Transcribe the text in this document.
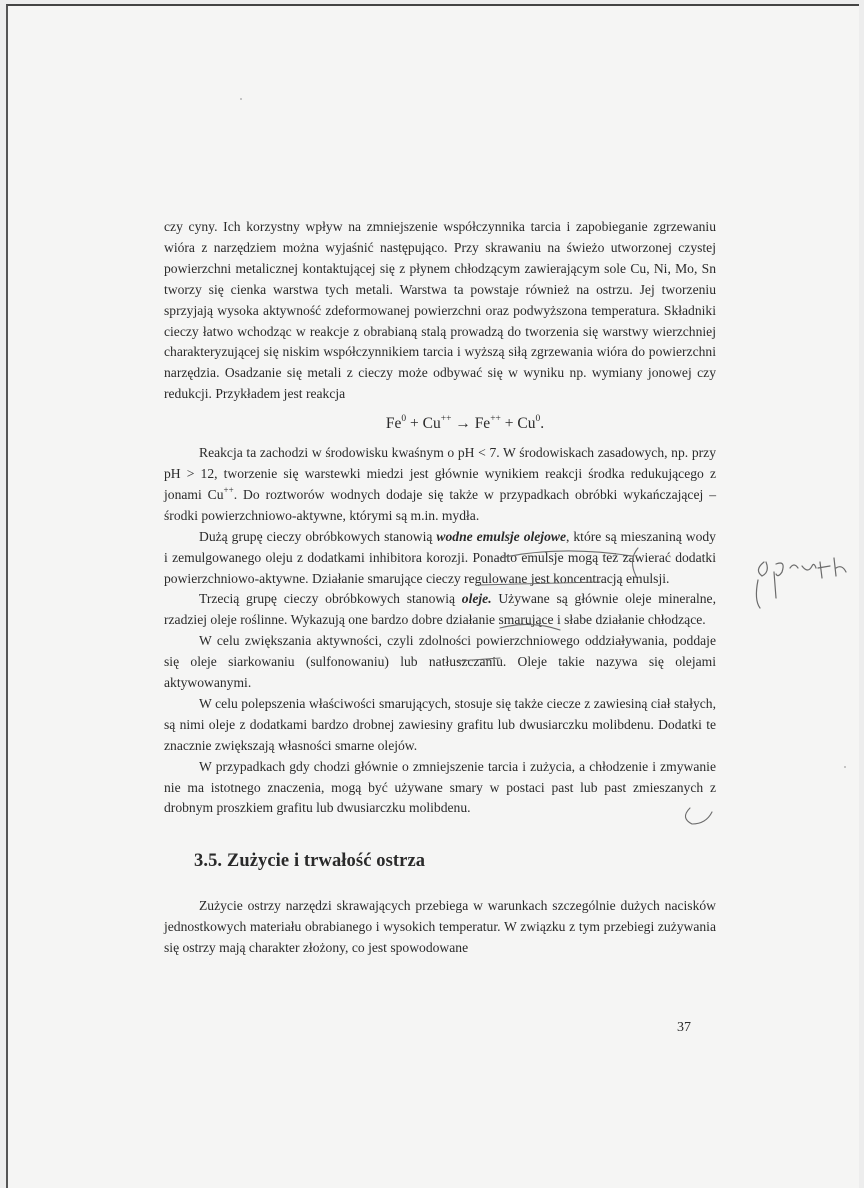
czy cyny. Ich korzystny wpływ na zmniejszenie współczynnika tarcia i zapobieganie zgrzewaniu wióra z narzędziem można wyjaśnić następująco. Przy skrawaniu na świeżo utworzonej czystej powierzchni metalicznej kontaktującej się z płynem chłodzącym zawierającym sole Cu, Ni, Mo, Sn tworzy się cienka warstwa tych metali. Warstwa ta powstaje również na ostrzu. Jej tworzeniu sprzyjają wysoka aktywność zdeformowanej powierzchni oraz podwyższona temperatura. Składniki cieczy łatwo wchodząc w reakcje z obrabianą stalą prowadzą do tworzenia się warstwy wierzchniej charakteryzującej się niskim współczynnikiem tarcia i wyższą siłą zgrzewania wióra do powierzchni narzędzia. Osadzanie się metali z cieczy może odbywać się w wyniku np. wymiany jonowej czy redukcji. Przykładem jest reakcja

$Fe^0 + Cu^{++} \to Fe^{++} + Cu^0$.

Reakcja ta zachodzi w środowisku kwaśnym o pH < 7. W środowiskach zasadowych, np. przy pH > 12, tworzenie się warstewki miedzi jest głównie wynikiem reakcji środka redukującego z jonami Cu++. Do roztworów wodnych dodaje się także w przypadkach obróbki wykańczającej – środki powierzchniowo-aktywne, którymi są m.in. mydła.

Dużą grupę cieczy obróbkowych stanowią wodne emulsje olejowe, które są mieszaniną wody i zemulgowanego oleju z dodatkami inhibitora korozji. Ponadto emulsje mogą też zawierać dodatki powierzchniowo-aktywne. Działanie smarujące cieczy regulowane jest koncentracją emulsji.

Trzecią grupę cieczy obróbkowych stanowią oleje. Używane są głównie oleje mineralne, rzadziej oleje roślinne. Wykazują one bardzo dobre działanie smarujące i słabe działanie chłodzące.

W celu zwiększania aktywności, czyli zdolności powierzchniowego oddziaływania, poddaje się oleje siarkowaniu (sulfonowaniu) lub natłuszczaniu. Oleje takie nazywa się olejami aktywowanymi.

W celu polepszenia właściwości smarujących, stosuje się także ciecze z zawiesiną ciał stałych, są nimi oleje z dodatkami bardzo drobnej zawiesiny grafitu lub dwusiarczku molibdenu. Dodatki te znacznie zwiększają własności smarne olejów.

W przypadkach gdy chodzi głównie o zmniejszenie tarcia i zużycia, a chłodzenie i zmywanie nie ma istotnego znaczenia, mogą być używane smary w postaci past lub past zmieszanych z drobnym proszkiem grafitu lub dwusiarczku molibdenu.

3.5. Zużycie i trwałość ostrza

Zużycie ostrzy narzędzi skrawających przebiega w warunkach szczególnie dużych nacisków jednostkowych materiału obrabianego i wysokich temperatur. W związku z tym przebiegi zużywania się ostrzy mają charakter złożony, co jest spowodowane

37
